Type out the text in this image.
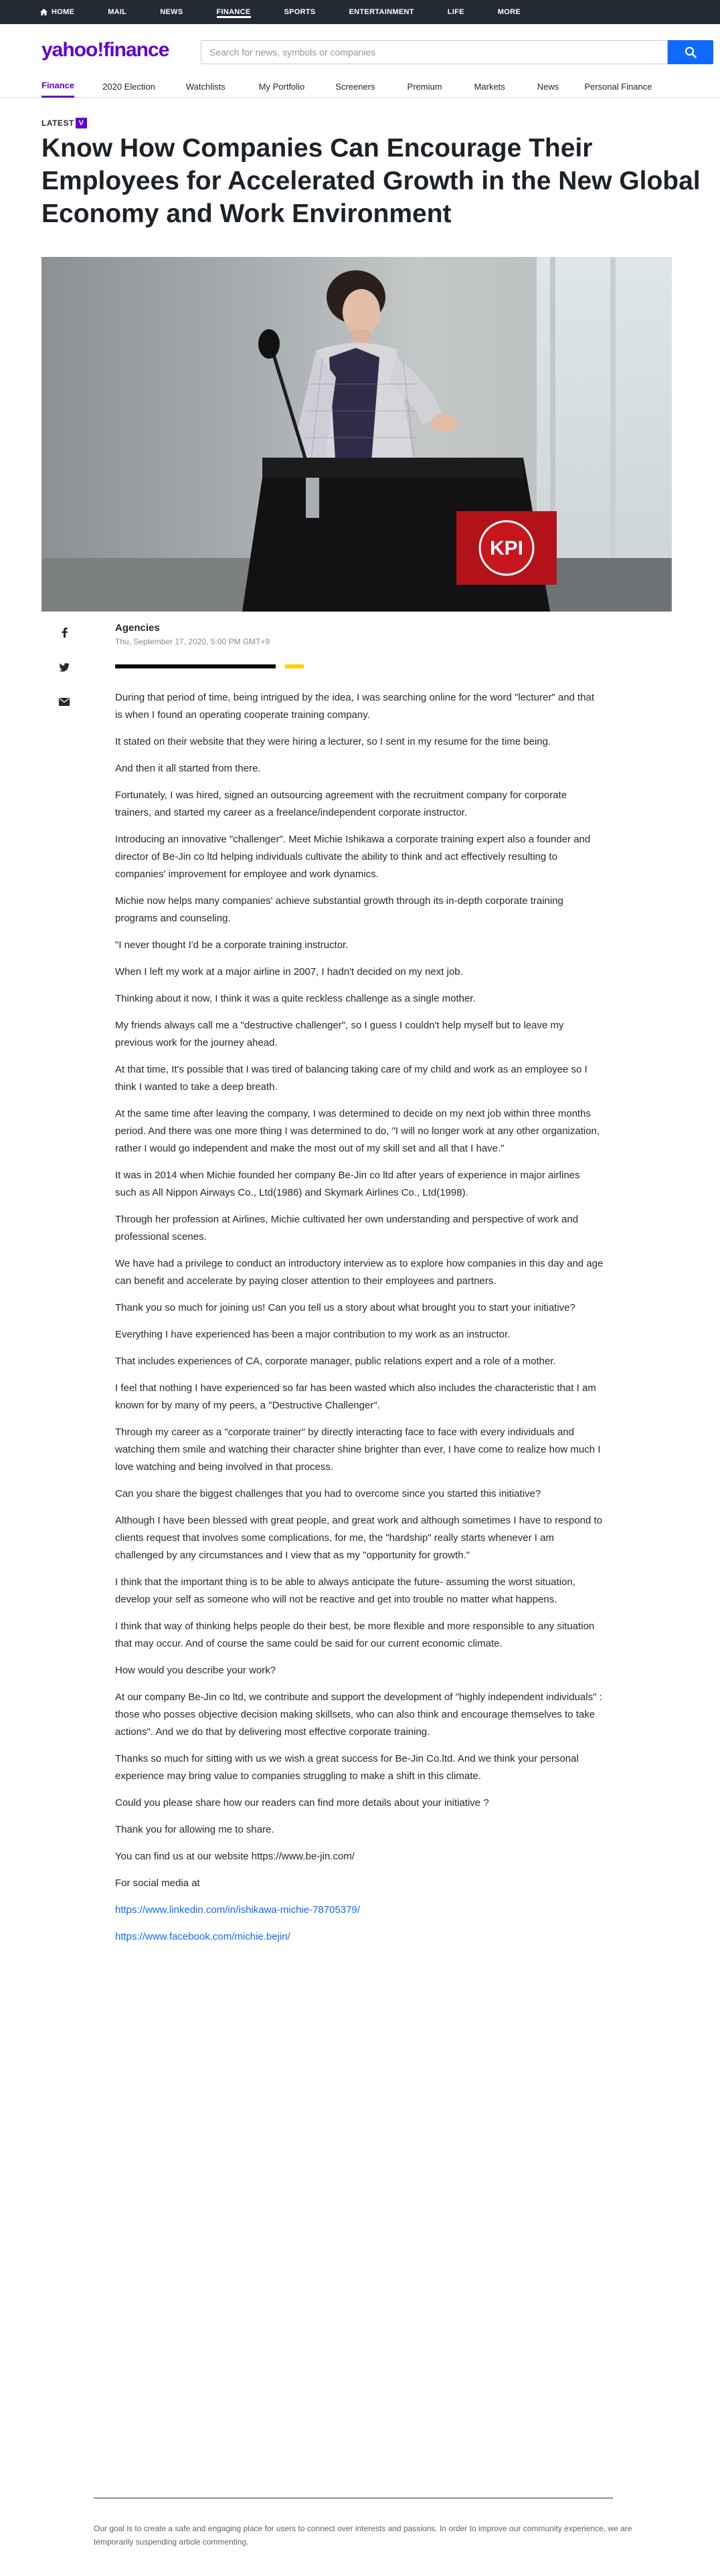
HOME	MAIL	NEWS	FINANCE	SPORTS	ENTERTAINMENT	LIFE	MORE
yahoo!finance
Search for news, symbols or companies
Finance	2020 Election	Watchlists	My Portfolio	Screeners	Premium	Markets	News	Personal Finance
LATEST V
Know How Companies Can Encourage Their Employees for Accelerated Growth in the New Global Economy and Work Environment
KPI
Agencies
Thu, September 17, 2020, 5:00 PM GMT+9

During that period of time, being intrigued by the idea, I was searching online for the word "lecturer" and that is when I found an operating cooperate training company.

It stated on their website that they were hiring a lecturer, so I sent in my resume for the time being.

And then it all started from there.

Fortunately, I was hired, signed an outsourcing agreement with the recruitment company for corporate trainers, and started my career as a freelance/independent corporate instructor.

Introducing an innovative "challenger". Meet Michie Ishikawa a corporate training expert also a founder and director of Be-Jin co ltd helping individuals cultivate the ability to think and act effectively resulting to companies' improvement for employee and work dynamics.

Michie now helps many companies' achieve substantial growth through its in-depth corporate training programs and counseling.

"I never thought I'd be a corporate training instructor.

When I left my work at a major airline in 2007, I hadn't decided on my next job.

Thinking about it now, I think it was a quite reckless challenge as a single mother.

My friends always call me a "destructive challenger", so I guess I couldn't help myself but to leave my previous work for the journey ahead.

At that time, It's possible that I was tired of balancing taking care of my child and work as an employee so I think I wanted to take a deep breath.

At the same time after leaving the company, I was determined to decide on my next job within three months period. And there was one more thing I was determined to do, "I will no longer work at any other organization, rather I would go independent and make the most out of my skill set and all that I have."

It was in 2014 when Michie founded her company Be-Jin co ltd after years of experience in major airlines such as All Nippon Airways Co., Ltd(1986) and Skymark Airlines Co., Ltd(1998).

Through her profession at Airlines, Michie cultivated her own understanding and perspective of work and professional scenes.

We have had a privilege to conduct an introductory interview as to explore how companies in this day and age can benefit and accelerate by paying closer attention to their employees and partners.

Thank you so much for joining us! Can you tell us a story about what brought you to start your initiative?

Everything I have experienced has been a major contribution to my work as an instructor.

That includes experiences of CA, corporate manager, public relations expert and a role of a mother.

I feel that nothing I have experienced so far has been wasted which also includes the characteristic that I am known for by many of my peers, a "Destructive Challenger".

Through my career as a "corporate trainer" by directly interacting face to face with every individuals and watching them smile and watching their character shine brighter than ever, I have come to realize how much I love watching and being involved in that process.

Can you share the biggest challenges that you had to overcome since you started this initiative?

Although I have been blessed with great people, and great work and although sometimes I have to respond to clients request that involves some complications, for me, the "hardship" really starts whenever I am challenged by any circumstances and I view that as my "opportunity for growth."

I think that the important thing is to be able to always anticipate the future- assuming the worst situation, develop your self as someone who will not be reactive and get into trouble no matter what happens.

I think that way of thinking helps people do their best, be more flexible and more responsible to any situation that may occur. And of course the same could be said for our current economic climate.

How would you describe your work?

At our company Be-Jin co ltd, we contribute and support the development of "highly independent individuals" : those who posses objective decision making skillsets, who can also think and encourage themselves to take actions". And we do that by delivering most effective corporate training.

Thanks so much for sitting with us we wish a great success for Be-Jin Co.ltd. And we think your personal experience may bring value to companies struggling to make a shift in this climate.

Could you please share how our readers can find more details about your initiative ?

Thank you for allowing me to share.

You can find us at our website https://www.be-jin.com/

For social media at

https://www.linkedin.com/in/ishikawa-michie-78705379/

https://www.facebook.com/michie.bejin/

Our goal is to create a safe and engaging place for users to connect over interests and passions. In order to improve our community experience, we are temporarily suspending article commenting.
